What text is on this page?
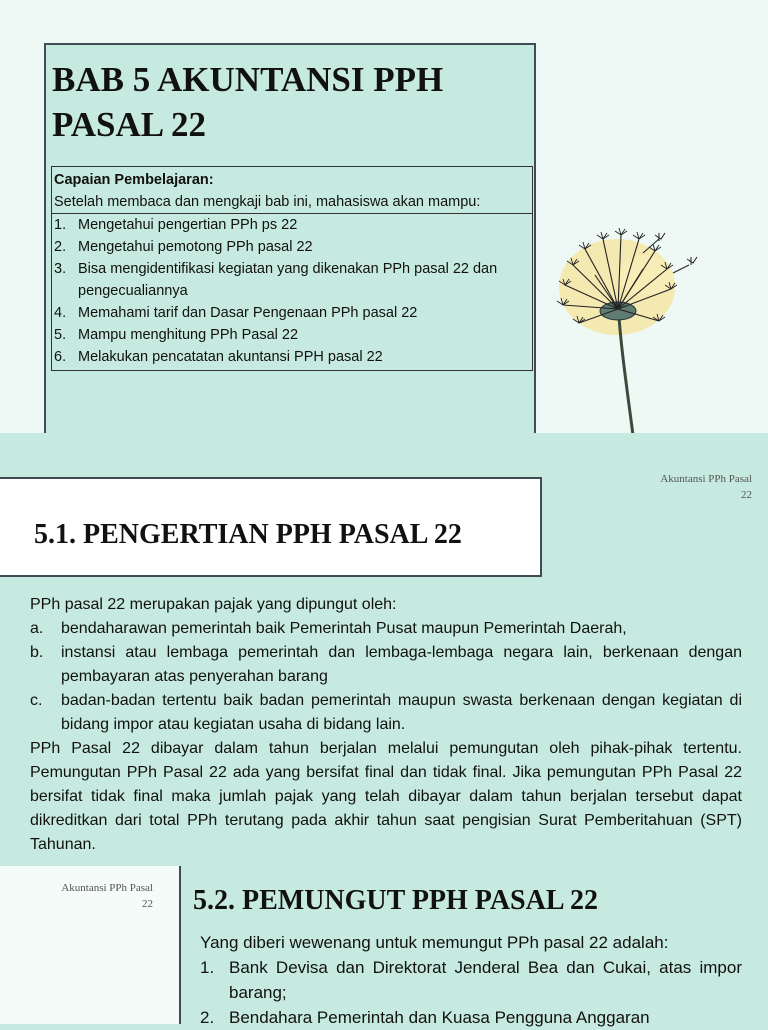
BAB 5 AKUNTANSI PPH PASAL 22
Capaian Pembelajaran:
Setelah membaca dan mengkaji bab ini, mahasiswa akan mampu:
1. Mengetahui pengertian PPh ps 22
2. Mengetahui pemotong PPh pasal 22
3. Bisa mengidentifikasi kegiatan yang dikenakan PPh pasal 22 dan pengecualiannya
4. Memahami tarif dan Dasar Pengenaan PPh pasal 22
5. Mampu menghitung PPh Pasal 22
6. Melakukan pencatatan akuntansi PPH pasal 22
Akuntansi PPh Pasal
22
5.1. PENGERTIAN PPH PASAL 22

PPh pasal 22 merupakan pajak yang dipungut oleh:

a.	bendaharawan pemerintah baik Pemerintah Pusat maupun Pemerintah Daerah,
b.	instansi atau lembaga pemerintah dan lembaga-lembaga negara lain, berkenaan dengan pembayaran atas penyerahan barang
c.	badan-badan tertentu baik badan pemerintah maupun swasta berkenaan dengan kegiatan di bidang impor atau kegiatan usaha di bidang lain.

PPh Pasal 22 dibayar dalam tahun berjalan melalui pemungutan oleh pihak-pihak tertentu. Pemungutan PPh Pasal 22 ada yang bersifat final dan tidak final. Jika pemungutan PPh Pasal 22 bersifat tidak final maka jumlah pajak yang telah dibayar dalam tahun berjalan tersebut dapat dikreditkan dari total PPh terutang pada akhir tahun saat pengisian Surat Pemberitahuan (SPT) Tahunan.

Akuntansi PPh Pasal
22

Yang diberi wewenang untuk memungut PPh pasal 22 adalah:

1. Bank Devisa dan Direktorat Jenderal Bea dan Cukai, atas impor barang;
2. Bendahara Pemerintah dan Kuasa Pengguna Anggaran
5.2. PEMUNGUT PPH PASAL 22
